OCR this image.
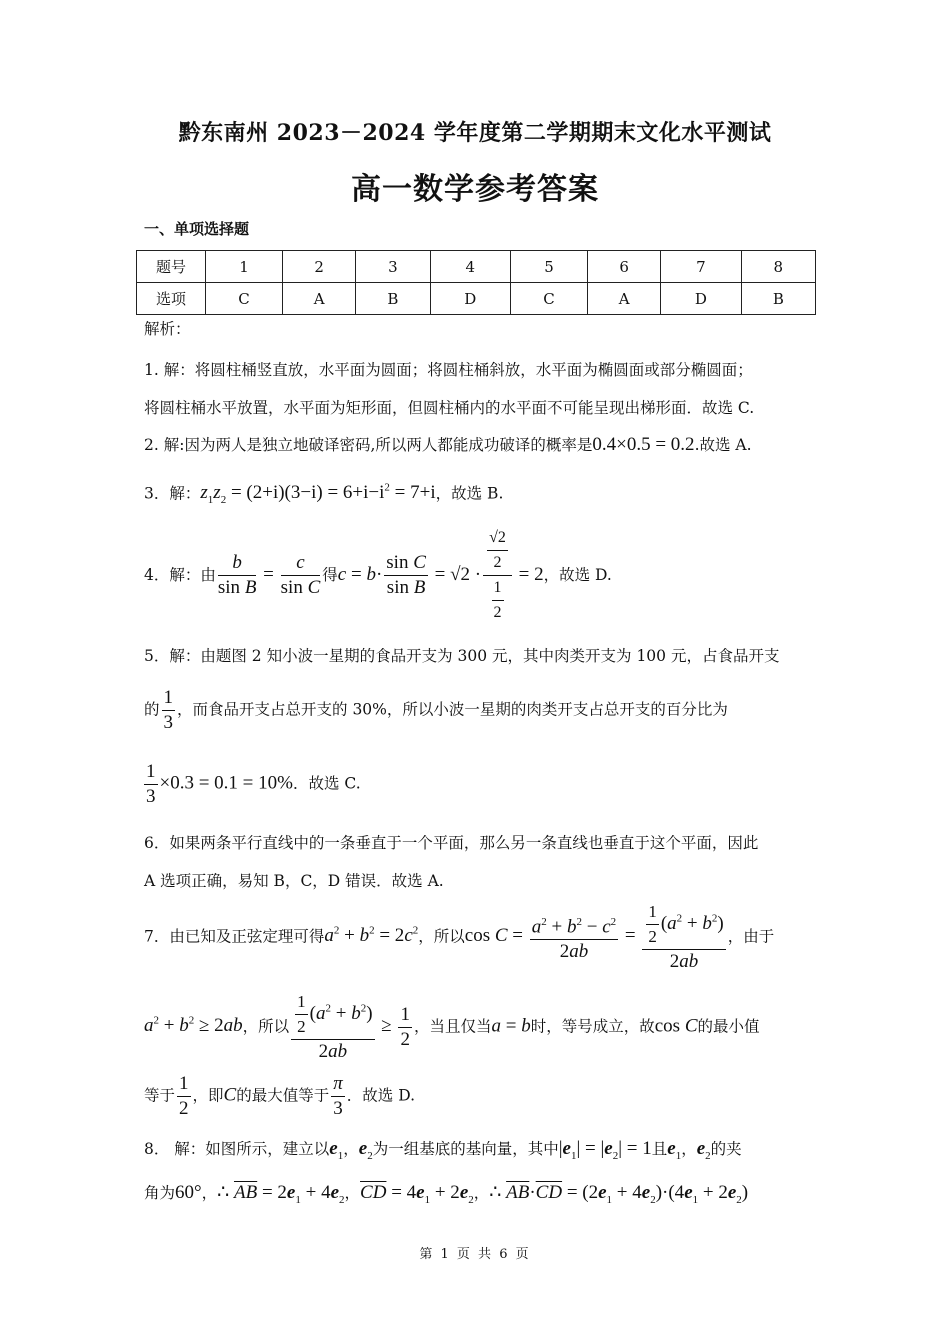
黔东南州 2023－2024 学年度第二学期期末文化水平测试
高一数学参考答案
一、单项选择题
题号	1	2	3	4	5	6	7	8
选项	C	A	B	D	C	A	D	B
解析：
1. 解：将圆柱桶竖直放，水平面为圆面；将圆柱桶斜放，水平面为椭圆面或部分椭圆面；
将圆柱桶水平放置，水平面为矩形面，但圆柱桶内的水平面不可能呈现出梯形面．故选 C.
2. 解:因为两人是独立地破译密码,所以两人都能成功破译的概率是0.4×0.5 = 0.2.故选 A.
3．解：$z_1z_2 = (2+i)(3-i) = 6+i-i^2 = 7+i$，故选 B.
4．解：由 $\frac{b}{\text{sin B}} = \frac{c}{\text{sin C}}$ 得$c = b\cdot \frac{\text{sin C}}{\text{sin B}} = √2 \cdot \frac{\frac{√2}{2}}{\frac{1}{2}} = 2$，故选 D.
5．解：由题图 2 知小波一星期的食品开支为 300 元，其中肉类开支为 100 元，占食品开支
的 $\frac{1}{3}$ ，而食品开支占总开支的 30%，所以小波一星期的肉类开支占总开支的百分比为
$\frac{1}{3} \times 0.3 = 0.1 = 10\%$．故选 C.
6．如果两条平行直线中的一条垂直于一个平面，那么另一条直线也垂直于这个平面，因此
A 选项正确，易知 B，C，D 错误．故选 A.
7．由已知及正弦定理可得$a^2 + b^2 = 2c^2$，所以$\cos C = \frac{a^2 + b^2 - c^2}{2ab} = \frac{\frac{1}{2} (a^2 + b^2)}{2ab}$ ，由于
$a^2 + b^2 \ge 2ab$，所以 $\frac{\frac{1}{2} (a^2 + b^2)}{2ab} \ge \frac{1}{2}$ ，当且仅当a = b时，等号成立，故cos C的最小值
等于 $\frac{1}{2}$ ，即C的最大值等于 $\frac{\pi}{3}$ ．故选 D.
8． 解：如图所示，建立以$e_1$，$e_2$为一组基底的基向量，其中$|e_1| = |e_2| = 1$且$e_1$，$e_2$的夹
角为60°，∴ $\overline{AB} = 2e_1 + 4e_2$，$\overline{CD} = 4e_1 + 2e_2$，∴ $\overline{AB}\cdot\overline{CD} = (2e_1 + 4e_2)\cdot(4e_1 + 2e_2)$
第 1 页 共 6 页
